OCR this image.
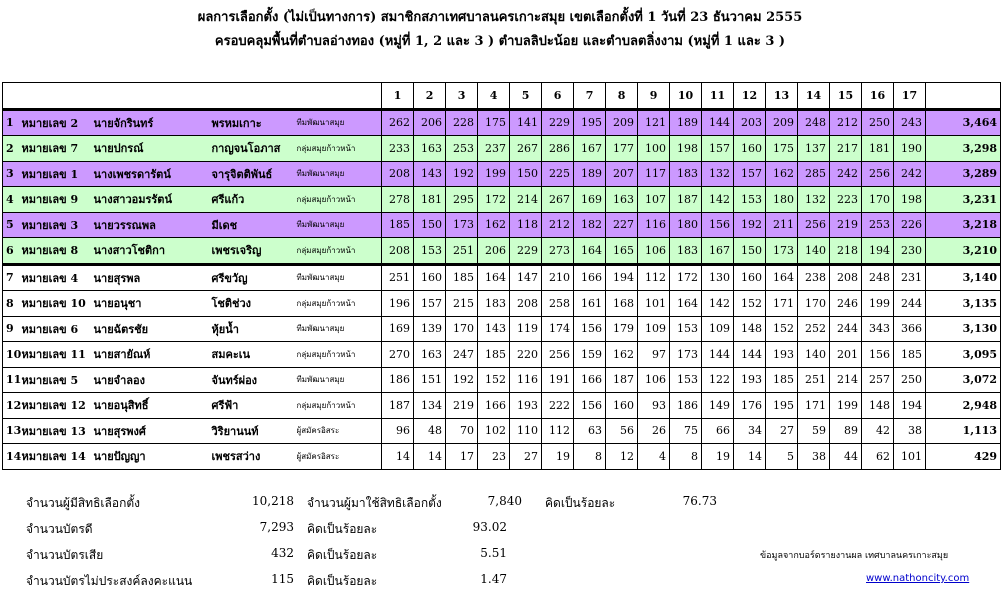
ผลการเลือกตั้ง (ไม่เป็นทางการ) สมาชิกสภาเทศบาลนครเกาะสมุย เขตเลือกตั้งที่ 1 วันที่ 23 ธันวาคม 2555
ครอบคลุมพื้นที่ตำบลอ่างทอง (หมู่ที่ 1, 2 และ 3 ) ตำบลลิปะน้อย และตำบลตลิ่งงาม (หมู่ที่ 1 และ 3 )
					1	2	3	4	5	6	7	8	9	10	11	12	13	14	15	16	17	
1	หมายเลข 2	นายจักรินทร์	พรหมเกาะ	ทีมพัฒนาสมุย	262	206	228	175	141	229	195	209	121	189	144	203	209	248	212	250	243	3,464
2	หมายเลข 7	นายปกรณ์	กาญจนโอภาส	กลุ่มสมุยก้าวหน้า	233	163	253	237	267	286	167	177	100	198	157	160	175	137	217	181	190	3,298
3	หมายเลข 1	นางเพชรดารัตน์	จารุจิตติพันธ์	ทีมพัฒนาสมุย	208	143	192	199	150	225	189	207	117	183	132	157	162	285	242	256	242	3,289
4	หมายเลข 9	นางสาวอมรรัตน์	ศรีแก้ว	กลุ่มสมุยก้าวหน้า	278	181	295	172	214	267	169	163	107	187	142	153	180	132	223	170	198	3,231
5	หมายเลข 3	นายวรรณพล	มีเดช	ทีมพัฒนาสมุย	185	150	173	162	118	212	182	227	116	180	156	192	211	256	219	253	226	3,218
6	หมายเลข 8	นางสาวโชติกา	เพชรเจริญ	กลุ่มสมุยก้าวหน้า	208	153	251	206	229	273	164	165	106	183	167	150	173	140	218	194	230	3,210
7	หมายเลข 4	นายสุรพล	ศรีขวัญ	ทีมพัฒนาสมุย	251	160	185	164	147	210	166	194	112	172	130	160	164	238	208	248	231	3,140
8	หมายเลข 10	นายอนุชา	โชติช่วง	กลุ่มสมุยก้าวหน้า	196	157	215	183	208	258	161	168	101	164	142	152	171	170	246	199	244	3,135
9	หมายเลข 6	นายฉัตรชัย	หุ้ยน้ำ	ทีมพัฒนาสมุย	169	139	170	143	119	174	156	179	109	153	109	148	152	252	244	343	366	3,130
10	หมายเลข 11	นายสายัณห์	สมคะเน	กลุ่มสมุยก้าวหน้า	270	163	247	185	220	256	159	162	97	173	144	144	193	140	201	156	185	3,095
11	หมายเลข 5	นายจำลอง	จันทร์ผ่อง	ทีมพัฒนาสมุย	186	151	192	152	116	191	166	187	106	153	122	193	185	251	214	257	250	3,072
12	หมายเลข 12	นายอนุสิทธิ์	ศรีฟ้า	กลุ่มสมุยก้าวหน้า	187	134	219	166	193	222	156	160	93	186	149	176	195	171	199	148	194	2,948
13	หมายเลข 13	นายสุรพงศ์	วิริยานนท์	ผู้สมัครอิสระ	96	48	70	102	110	112	63	56	26	75	66	34	27	59	89	42	38	1,113
14	หมายเลข 14	นายปัญญา	เพชรสว่าง	ผู้สมัครอิสระ	14	14	17	23	27	19	8	12	4	8	19	14	5	38	44	62	101	429
จำนวนผู้มีสิทธิเลือกตั้ง	10,218 จำนวนผู้มาใช้สิทธิเลือกตั้ง	7,840 คิดเป็นร้อยละ	76.73
จำนวนบัตรดี	7,293 คิดเป็นร้อยละ	93.02
จำนวนบัตรเสีย	432 คิดเป็นร้อยละ	5.51
จำนวนบัตรไม่ประสงค์ลงคะแนน	115 คิดเป็นร้อยละ	1.47
ข้อมูลจากบอร์ดรายงานผล เทศบาลนครเกาะสมุย
www.nathoncity.com
